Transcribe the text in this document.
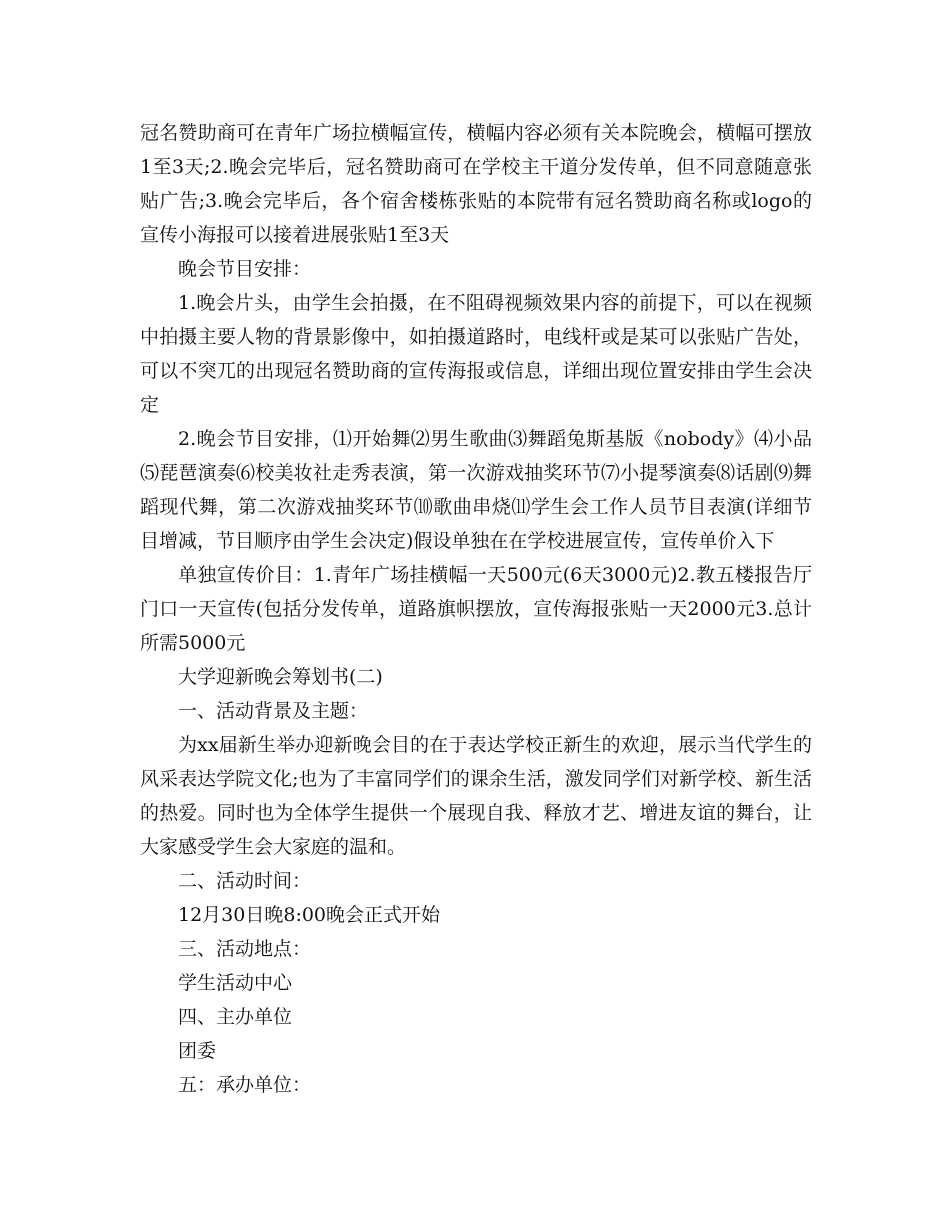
冠名赞助商可在青年广场拉横幅宣传，横幅内容必须有关本院晚会，横幅可摆放1至3天;2.晚会完毕后，冠名赞助商可在学校主干道分发传单，但不同意随意张贴广告;3.晚会完毕后，各个宿舍楼栋张贴的本院带有冠名赞助商名称或logo的宣传小海报可以接着进展张贴1至3天

晚会节目安排：

1.晚会片头，由学生会拍摄，在不阻碍视频效果内容的前提下，可以在视频中拍摄主要人物的背景影像中，如拍摄道路时，电线杆或是某可以张贴广告处，可以不突兀的出现冠名赞助商的宣传海报或信息，详细出现位置安排由学生会决定

2.晚会节目安排，⑴开始舞⑵男生歌曲⑶舞蹈兔斯基版《nobody》⑷小品⑸琵琶演奏⑹校美妆社走秀表演，第一次游戏抽奖环节⑺小提琴演奏⑻话剧⑼舞蹈现代舞，第二次游戏抽奖环节⑽歌曲串烧⑾学生会工作人员节目表演(详细节目增减，节目顺序由学生会决定)假设单独在在学校进展宣传，宣传单价入下

单独宣传价目：1.青年广场挂横幅一天500元(6天3000元)2.教五楼报告厅门口一天宣传(包括分发传单，道路旗帜摆放，宣传海报张贴一天2000元3.总计所需5000元

大学迎新晚会筹划书(二)

一、活动背景及主题：

为xx届新生举办迎新晚会目的在于表达学校正新生的欢迎，展示当代学生的风采表达学院文化;也为了丰富同学们的课余生活，激发同学们对新学校、新生活的热爱。同时也为全体学生提供一个展现自我、释放才艺、增进友谊的舞台，让大家感受学生会大家庭的温和。

二、活动时间：

12月30日晚8:00晚会正式开始

三、活动地点：

学生活动中心

四、主办单位

团委

五：承办单位：
